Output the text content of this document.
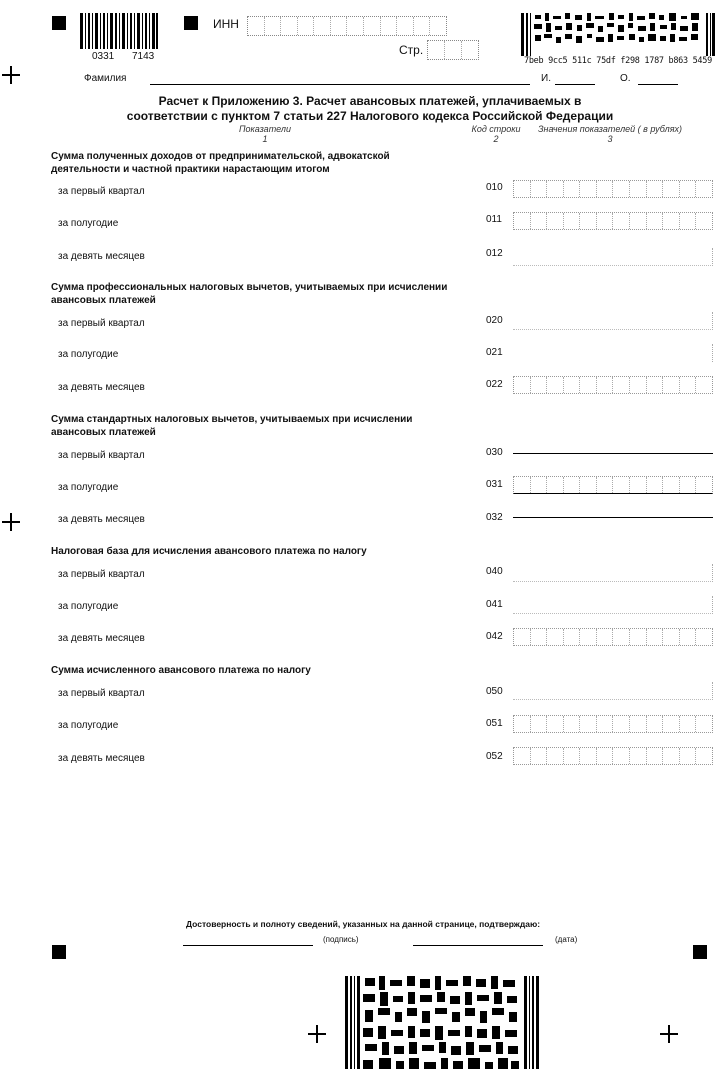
0331 7143
ИНН
Стр.
7beb 9cc5 511c 75df f298 1787 b863 5459
Фамилия	И.	О.
Расчет к Приложению 3. Расчет авансовых платежей, уплачиваемых в
соответствии с пунктом 7 статьи 227 Налогового кодекса Российской Федерации
Показатели
1
Код строки
2
Значения показателей ( в рублях)
3
Сумма полученных доходов от предпринимательской, адвокатской
деятельности и частной практики нарастающим итогом
за первый квартал	010
за полугодие	011
за девять месяцев	012
Сумма профессиональных налоговых вычетов, учитываемых при исчислении
авансовых платежей
за первый квартал	020
за полугодие	021
за девять месяцев	022
Сумма стандартных налоговых вычетов, учитываемых при исчислении
авансовых платежей
за первый квартал	030
за полугодие	031
за девять месяцев	032
Налоговая база для исчисления авансового платежа по налогу
за первый квартал	040
за полугодие	041
за девять месяцев	042
Сумма исчисленного авансового платежа по налогу
за первый квартал	050
за полугодие	051
за девять месяцев	052
Достоверность и полноту сведений, указанных на данной странице, подтверждаю:
(подпись)	(дата)
